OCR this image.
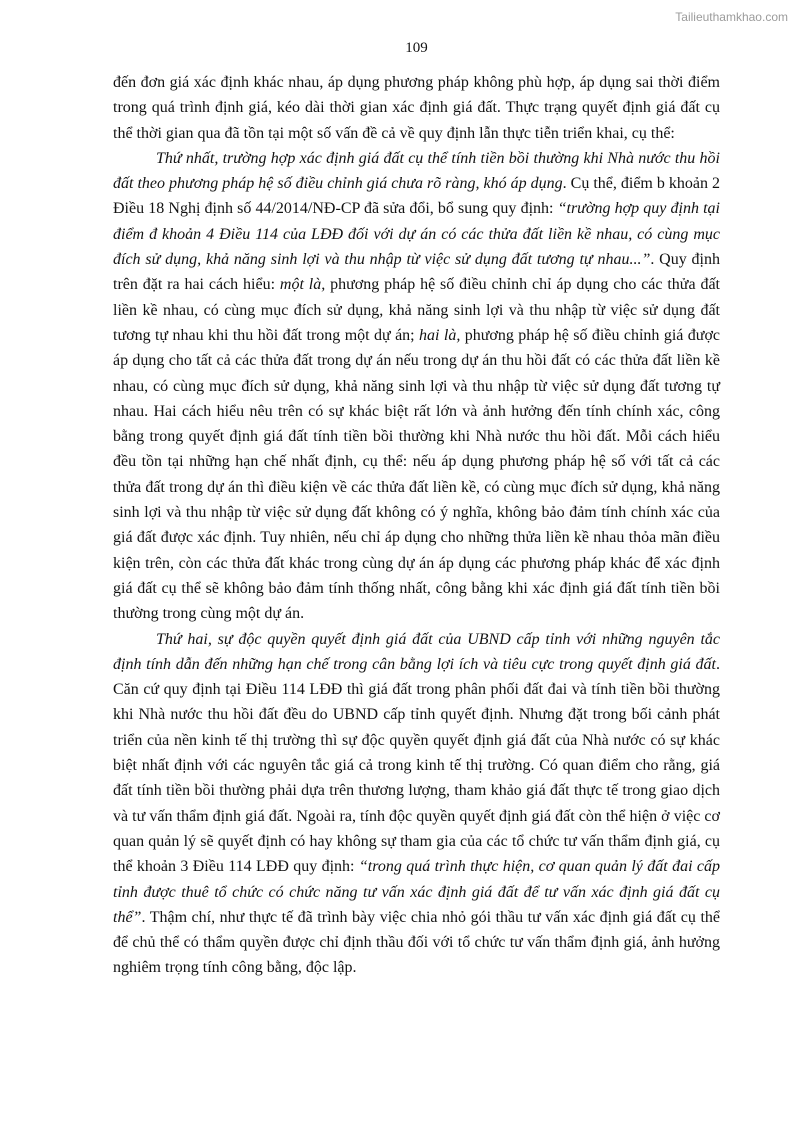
Tailieuthamkhao.com
109

đến đơn giá xác định khác nhau, áp dụng phương pháp không phù hợp, áp dụng sai thời điểm trong quá trình định giá, kéo dài thời gian xác định giá đất. Thực trạng quyết định giá đất cụ thể thời gian qua đã tồn tại một số vấn đề cả về quy định lẫn thực tiễn triển khai, cụ thể:

Thứ nhất, trường hợp xác định giá đất cụ thể tính tiền bồi thường khi Nhà nước thu hồi đất theo phương pháp hệ số điều chỉnh giá chưa rõ ràng, khó áp dụng. Cụ thể, điểm b khoản 2 Điều 18 Nghị định số 44/2014/NĐ-CP đã sửa đổi, bổ sung quy định: “trường hợp quy định tại điểm đ khoản 4 Điều 114 của LĐĐ đối với dự án có các thửa đất liền kề nhau, có cùng mục đích sử dụng, khả năng sinh lợi và thu nhập từ việc sử dụng đất tương tự nhau...”. Quy định trên đặt ra hai cách hiểu: một là, phương pháp hệ số điều chỉnh chỉ áp dụng cho các thửa đất liền kề nhau, có cùng mục đích sử dụng, khả năng sinh lợi và thu nhập từ việc sử dụng đất tương tự nhau khi thu hồi đất trong một dự án; hai là, phương pháp hệ số điều chỉnh giá được áp dụng cho tất cả các thửa đất trong dự án nếu trong dự án thu hồi đất có các thửa đất liền kề nhau, có cùng mục đích sử dụng, khả năng sinh lợi và thu nhập từ việc sử dụng đất tương tự nhau. Hai cách hiểu nêu trên có sự khác biệt rất lớn và ảnh hưởng đến tính chính xác, công bằng trong quyết định giá đất tính tiền bồi thường khi Nhà nước thu hồi đất. Mỗi cách hiểu đều tồn tại những hạn chế nhất định, cụ thể: nếu áp dụng phương pháp hệ số với tất cả các thửa đất trong dự án thì điều kiện về các thửa đất liền kề, có cùng mục đích sử dụng, khả năng sinh lợi và thu nhập từ việc sử dụng đất không có ý nghĩa, không bảo đảm tính chính xác của giá đất được xác định. Tuy nhiên, nếu chỉ áp dụng cho những thửa liền kề nhau thỏa mãn điều kiện trên, còn các thửa đất khác trong cùng dự án áp dụng các phương pháp khác để xác định giá đất cụ thể sẽ không bảo đảm tính thống nhất, công bằng khi xác định giá đất tính tiền bồi thường trong cùng một dự án.

Thứ hai, sự độc quyền quyết định giá đất của UBND cấp tỉnh với những nguyên tắc định tính dẫn đến những hạn chế trong cân bằng lợi ích và tiêu cực trong quyết định giá đất. Căn cứ quy định tại Điều 114 LĐĐ thì giá đất trong phân phối đất đai và tính tiền bồi thường khi Nhà nước thu hồi đất đều do UBND cấp tỉnh quyết định. Nhưng đặt trong bối cảnh phát triển của nền kinh tế thị trường thì sự độc quyền quyết định giá đất của Nhà nước có sự khác biệt nhất định với các nguyên tắc giá cả trong kinh tế thị trường. Có quan điểm cho rằng, giá đất tính tiền bồi thường phải dựa trên thương lượng, tham khảo giá đất thực tế trong giao dịch và tư vấn thẩm định giá đất. Ngoài ra, tính độc quyền quyết định giá đất còn thể hiện ở việc cơ quan quản lý sẽ quyết định có hay không sự tham gia của các tổ chức tư vấn thẩm định giá, cụ thể khoản 3 Điều 114 LĐĐ quy định: “trong quá trình thực hiện, cơ quan quản lý đất đai cấp tỉnh được thuê tổ chức có chức năng tư vấn xác định giá đất để tư vấn xác định giá đất cụ thể”. Thậm chí, như thực tế đã trình bày việc chia nhỏ gói thầu tư vấn xác định giá đất cụ thể để chủ thể có thẩm quyền được chỉ định thầu đối với tổ chức tư vấn thẩm định giá, ảnh hưởng nghiêm trọng tính công bằng, độc lập.
